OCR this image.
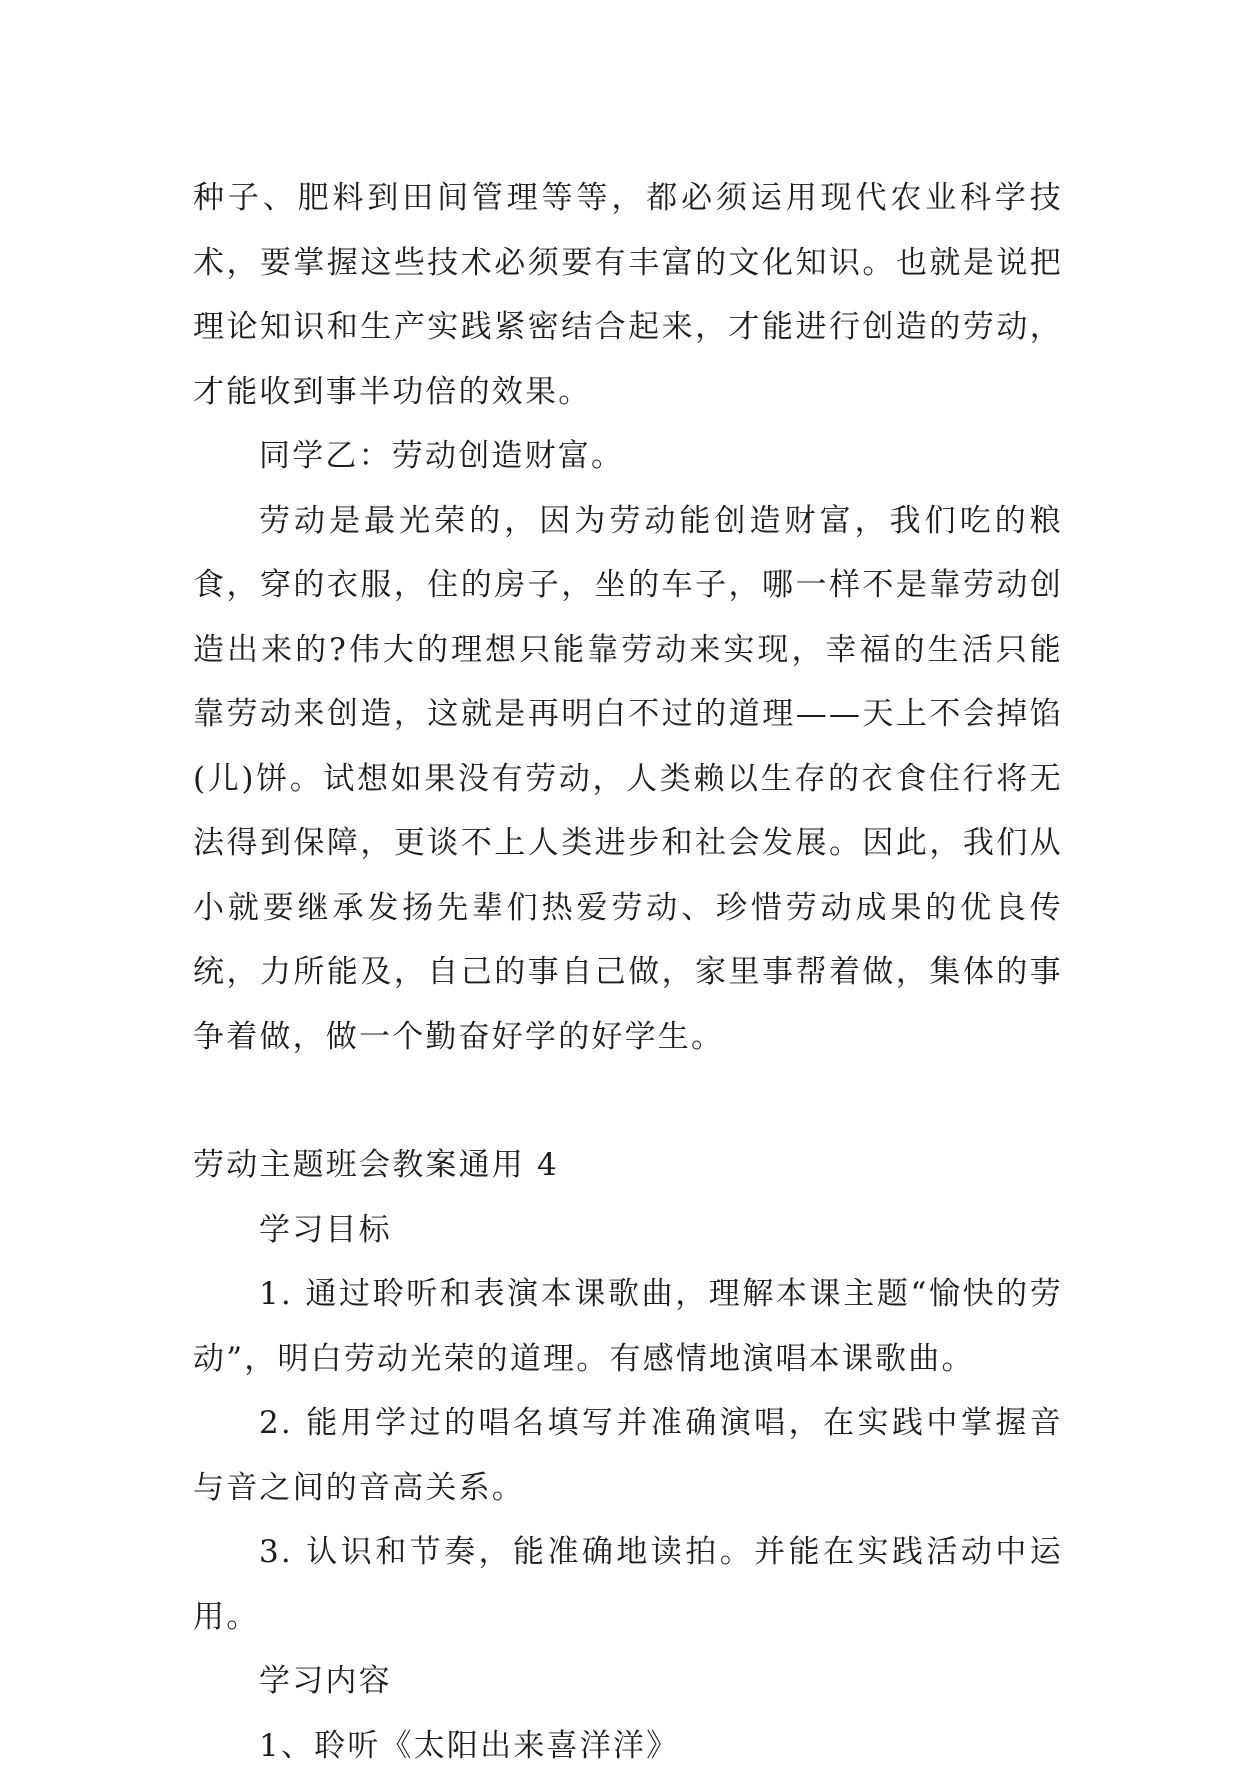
种子、肥料到田间管理等等，都必须运用现代农业科学技术，要掌握这些技术必须要有丰富的文化知识。也就是说把理论知识和生产实践紧密结合起来，才能进行创造的劳动，才能收到事半功倍的效果。

同学乙：劳动创造财富。

劳动是最光荣的，因为劳动能创造财富，我们吃的粮食，穿的衣服，住的房子，坐的车子，哪一样不是靠劳动创造出来的?伟大的理想只能靠劳动来实现，幸福的生活只能靠劳动来创造，这就是再明白不过的道理——天上不会掉馅(儿)饼。试想如果没有劳动，人类赖以生存的衣食住行将无法得到保障，更谈不上人类进步和社会发展。因此，我们从小就要继承发扬先辈们热爱劳动、珍惜劳动成果的优良传统，力所能及，自己的事自己做，家里事帮着做，集体的事争着做，做一个勤奋好学的好学生。

劳动主题班会教案通用 4

学习目标

1. 通过聆听和表演本课歌曲，理解本课主题“愉快的劳动”，明白劳动光荣的道理。有感情地演唱本课歌曲。

2. 能用学过的唱名填写并准确演唱，在实践中掌握音与音之间的音高关系。

3. 认识和节奏，能准确地读拍。并能在实践活动中运用。

学习内容

1、聆听《太阳出来喜洋洋》
